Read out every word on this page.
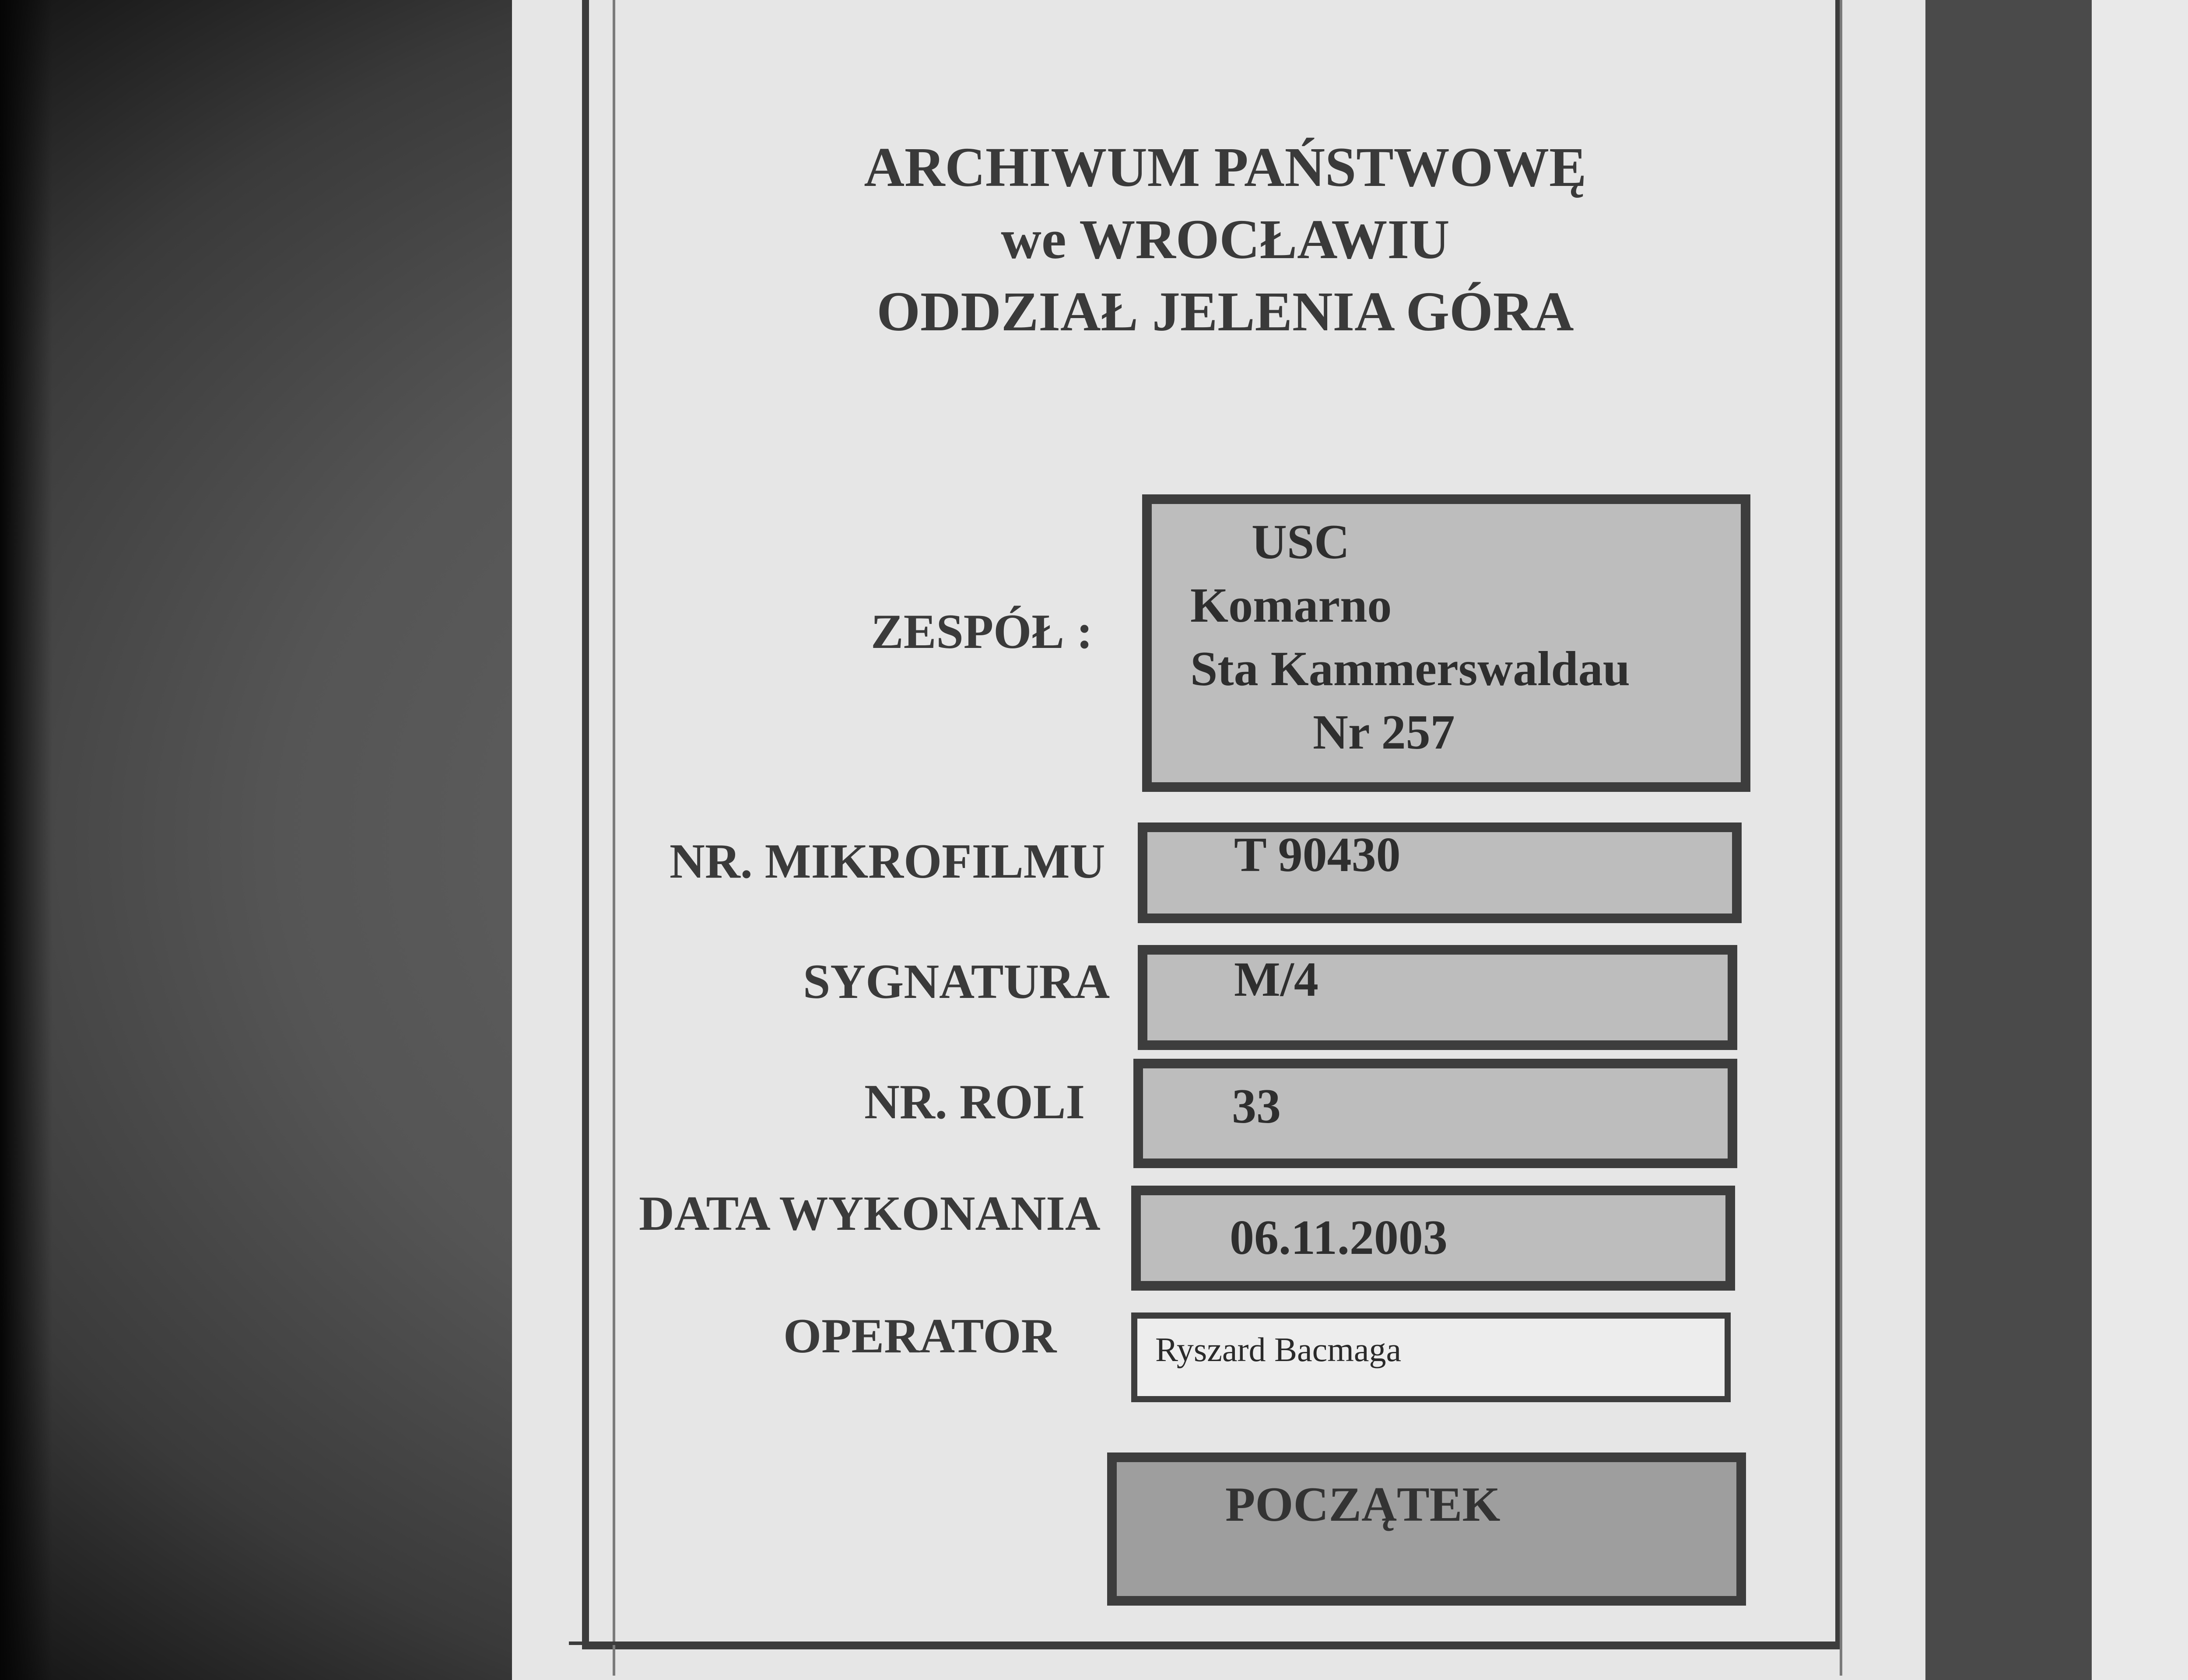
ARCHIWUM PAŃSTWOWĘ
we WROCŁAWIU
ODDZIAŁ JELENIA GÓRA
ZESPÓŁ :
USC
Komarno
Sta Kammerswaldau
Nr 257
NR. MIKROFILMU	T 90430
SYGNATURA	M/4
NR. ROLI	33
DATA WYKONANIA	06.11.2003
OPERATOR	Ryszard Bacmaga
POCZĄTEK
